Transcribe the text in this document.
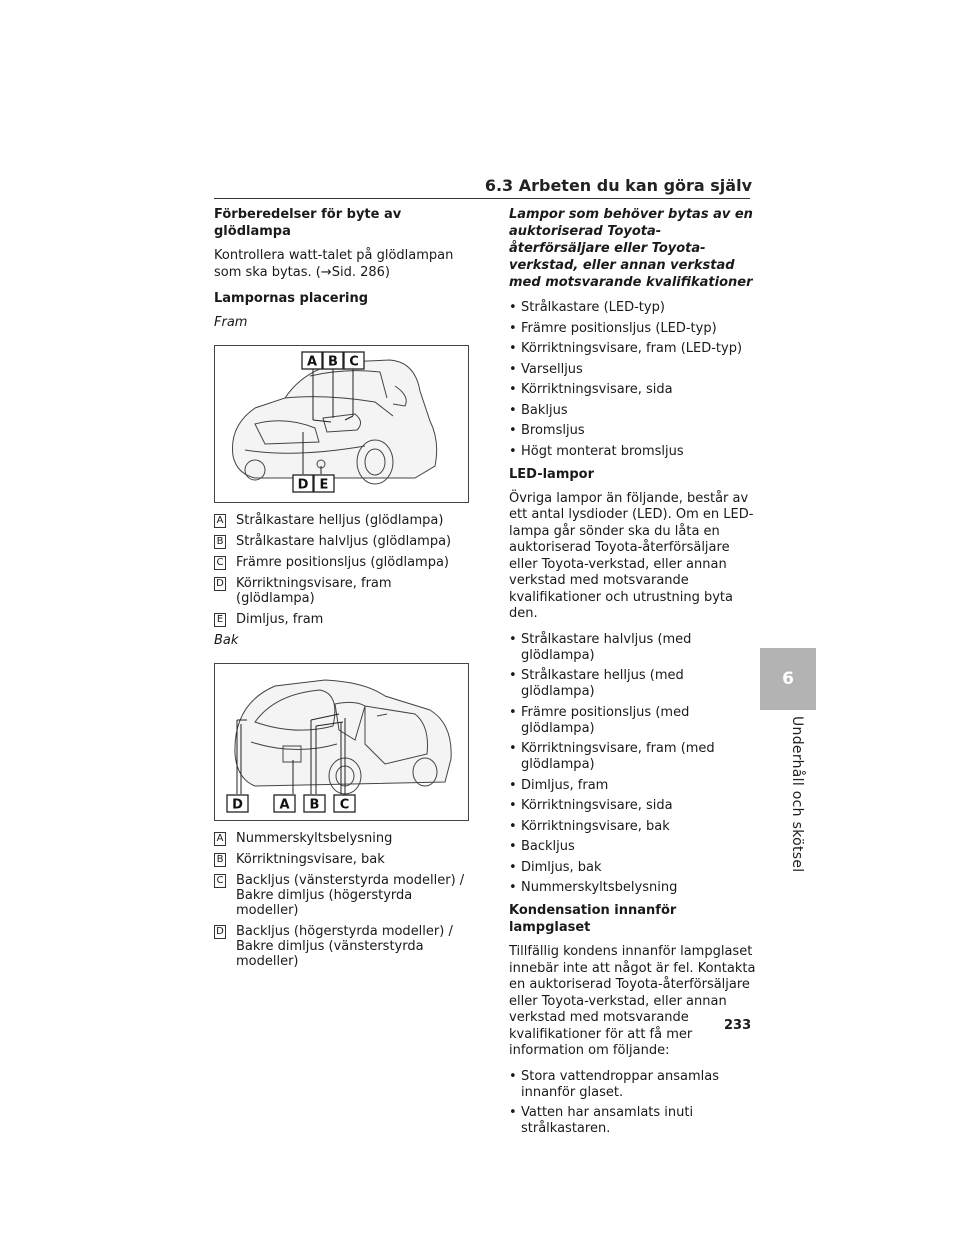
6.3 Arbeten du kan göra själv
Förberedelser för byte av glödlampa
Kontrollera watt-talet på glödlampan som ska bytas. (→Sid. 286)
Lampornas placering
Fram
A B C
D E
A Strålkastare helljus (glödlampa)
B Strålkastare halvljus (glödlampa)
C Främre positionsljus (glödlampa)
D Körriktningsvisare, fram (glödlampa)
E Dimljus, fram
Bak
D	A B C
A Nummerskyltsbelysning
B Körriktningsvisare, bak
C Backljus (vänsterstyrda modeller) / Bakre dimljus (högerstyrda modeller)
D Backljus (högerstyrda modeller) / Bakre dimljus (vänsterstyrda modeller)
Lampor som behöver bytas av en auktoriserad Toyota-återförsäljare eller Toyota-verkstad, eller annan verkstad med motsvarande kvalifikationer
• Strålkastare (LED-typ)
• Främre positionsljus (LED-typ)
• Körriktningsvisare, fram (LED-typ)
• Varselljus
• Körriktningsvisare, sida
• Bakljus
• Bromsljus
• Högt monterat bromsljus
LED-lampor
Övriga lampor än följande, består av ett antal lysdioder (LED). Om en LED-lampa går sönder ska du låta en auktoriserad Toyota-återförsäljare eller Toyota-verkstad, eller annan verkstad med motsvarande kvalifikationer och utrustning byta den.
• Strålkastare halvljus (med glödlampa)
• Strålkastare helljus (med glödlampa)
• Främre positionsljus (med glödlampa)
• Körriktningsvisare, fram (med glödlampa)
• Dimljus, fram
• Körriktningsvisare, sida
• Körriktningsvisare, bak
• Backljus
• Dimljus, bak
• Nummerskyltsbelysning
Kondensation innanför lampglaset
Tillfällig kondens innanför lampglaset innebär inte att något är fel. Kontakta en auktoriserad Toyota-återförsäljare eller Toyota-verkstad, eller annan verkstad med motsvarande kvalifikationer för att få mer information om följande:
• Stora vattendroppar ansamlas innanför glaset.
• Vatten har ansamlats inuti strålkastaren.
6
Underhåll och skötsel
233
